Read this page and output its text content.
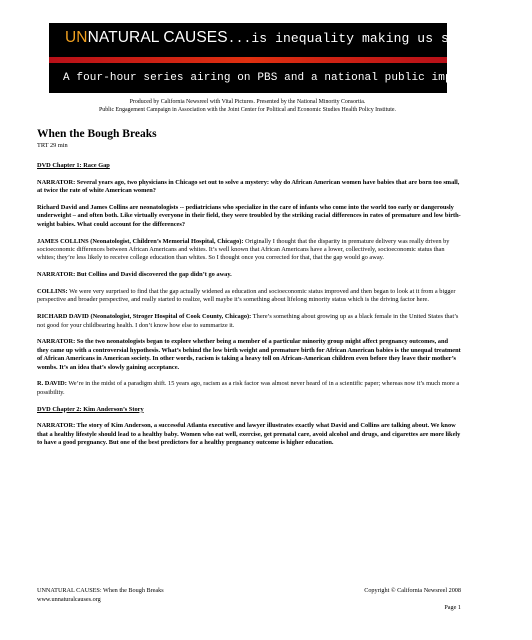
UNNATURAL CAUSES...is inequality making us sick?
A four-hour series airing on PBS and a national public impact campaign
Produced by California Newsreel with Vital Pictures. Presented by the National Minority Consortia.
Public Engagement Campaign in Association with the Joint Center for Political and Economic Studies Health Policy Institute.
When the Bough Breaks
TRT 29 min

DVD Chapter 1: Race Gap

NARRATOR: Several years ago, two physicians in Chicago set out to solve a mystery: why do African American women have babies that are born too small, at twice the rate of white American women?

Richard David and James Collins are neonatologists -- pediatricians who specialize in the care of infants who come into the world too early or dangerously underweight – and often both. Like virtually everyone in their field, they were troubled by the striking racial differences in rates of premature and low birth-weight babies. What could account for the differences?

JAMES COLLINS (Neonatologist, Children’s Memorial Hospital, Chicago): Originally I thought that the disparity in premature delivery was really driven by socioeconomic differences between African Americans and whites. It’s well known that African Americans have a lower, collectively, socioeconomic status than whites; they’re less likely to receive college education than whites. So I thought once you corrected for that, that the gap would go away.

NARRATOR: But Collins and David discovered the gap didn’t go away.

COLLINS: We were very surprised to find that the gap actually widened as education and socioeconomic status improved and then began to look at it from a bigger perspective and broader perspective, and really started to realize, well maybe it’s something about lifelong minority status which is the driving factor here.

RICHARD DAVID (Neonatologist, Stroger Hospital of Cook County, Chicago): There’s something about growing up as a black female in the United States that’s not good for your childbearing health. I don’t know how else to summarize it.

NARRATOR: So the two neonatologists began to explore whether being a member of a particular minority group might affect pregnancy outcomes, and they came up with a controversial hypothesis. What’s behind the low birth weight and premature birth for African American babies is the unequal treatment of African Americans in American society. In other words, racism is taking a heavy toll on African-American children even before they leave their mother’s wombs. It’s an idea that’s slowly gaining acceptance.

R. DAVID: We’re in the midst of a paradigm shift. 15 years ago, racism as a risk factor was almost never heard of in a scientific paper; whereas now it’s much more a possibility.

DVD Chapter 2: Kim Anderson’s Story

NARRATOR: The story of Kim Anderson, a successful Atlanta executive and lawyer illustrates exactly what David and Collins are talking about. We know that a healthy lifestyle should lead to a healthy baby. Women who eat well, exercise, get prenatal care, avoid alcohol and drugs, and cigarettes are more likely to have a good pregnancy. But one of the best predictors for a healthy pregnancy outcome is higher education.

UNNATURAL CAUSES: When the Bough Breaks
www.unnaturalcauses.org
Copyright © California Newsreel 2008
Page 1
